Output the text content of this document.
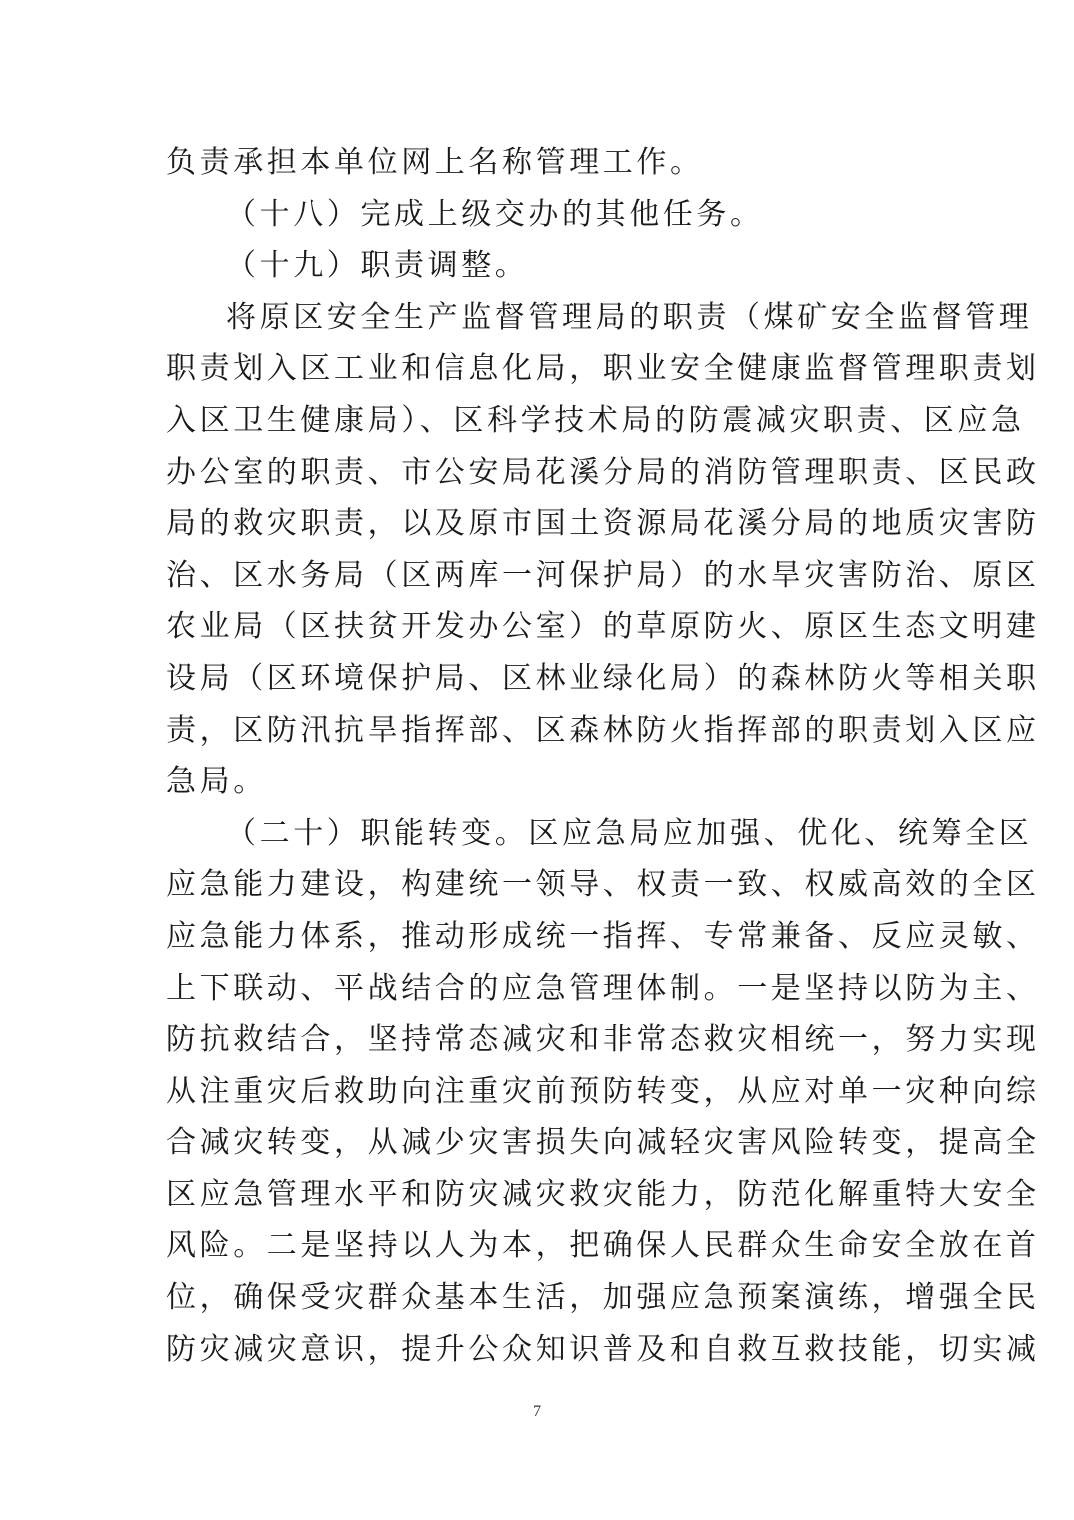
负责承担本单位网上名称管理工作。
（十八）完成上级交办的其他任务。
（十九）职责调整。
将原区安全生产监督管理局的职责（煤矿安全监督管理
职责划入区工业和信息化局，职业安全健康监督管理职责划
入区卫生健康局）、区科学技术局的防震减灾职责、区应急
办公室的职责、市公安局花溪分局的消防管理职责、区民政
局的救灾职责，以及原市国土资源局花溪分局的地质灾害防
治、区水务局（区两库一河保护局）的水旱灾害防治、原区
农业局（区扶贫开发办公室）的草原防火、原区生态文明建
设局（区环境保护局、区林业绿化局）的森林防火等相关职
责，区防汛抗旱指挥部、区森林防火指挥部的职责划入区应
急局。
（二十）职能转变。区应急局应加强、优化、统筹全区
应急能力建设，构建统一领导、权责一致、权威高效的全区
应急能力体系，推动形成统一指挥、专常兼备、反应灵敏、
上下联动、平战结合的应急管理体制。一是坚持以防为主、
防抗救结合，坚持常态减灾和非常态救灾相统一，努力实现
从注重灾后救助向注重灾前预防转变，从应对单一灾种向综
合减灾转变，从减少灾害损失向减轻灾害风险转变，提高全
区应急管理水平和防灾减灾救灾能力，防范化解重特大安全
风险。二是坚持以人为本，把确保人民群众生命安全放在首
位，确保受灾群众基本生活，加强应急预案演练，增强全民
防灾减灾意识，提升公众知识普及和自救互救技能，切实减
7
